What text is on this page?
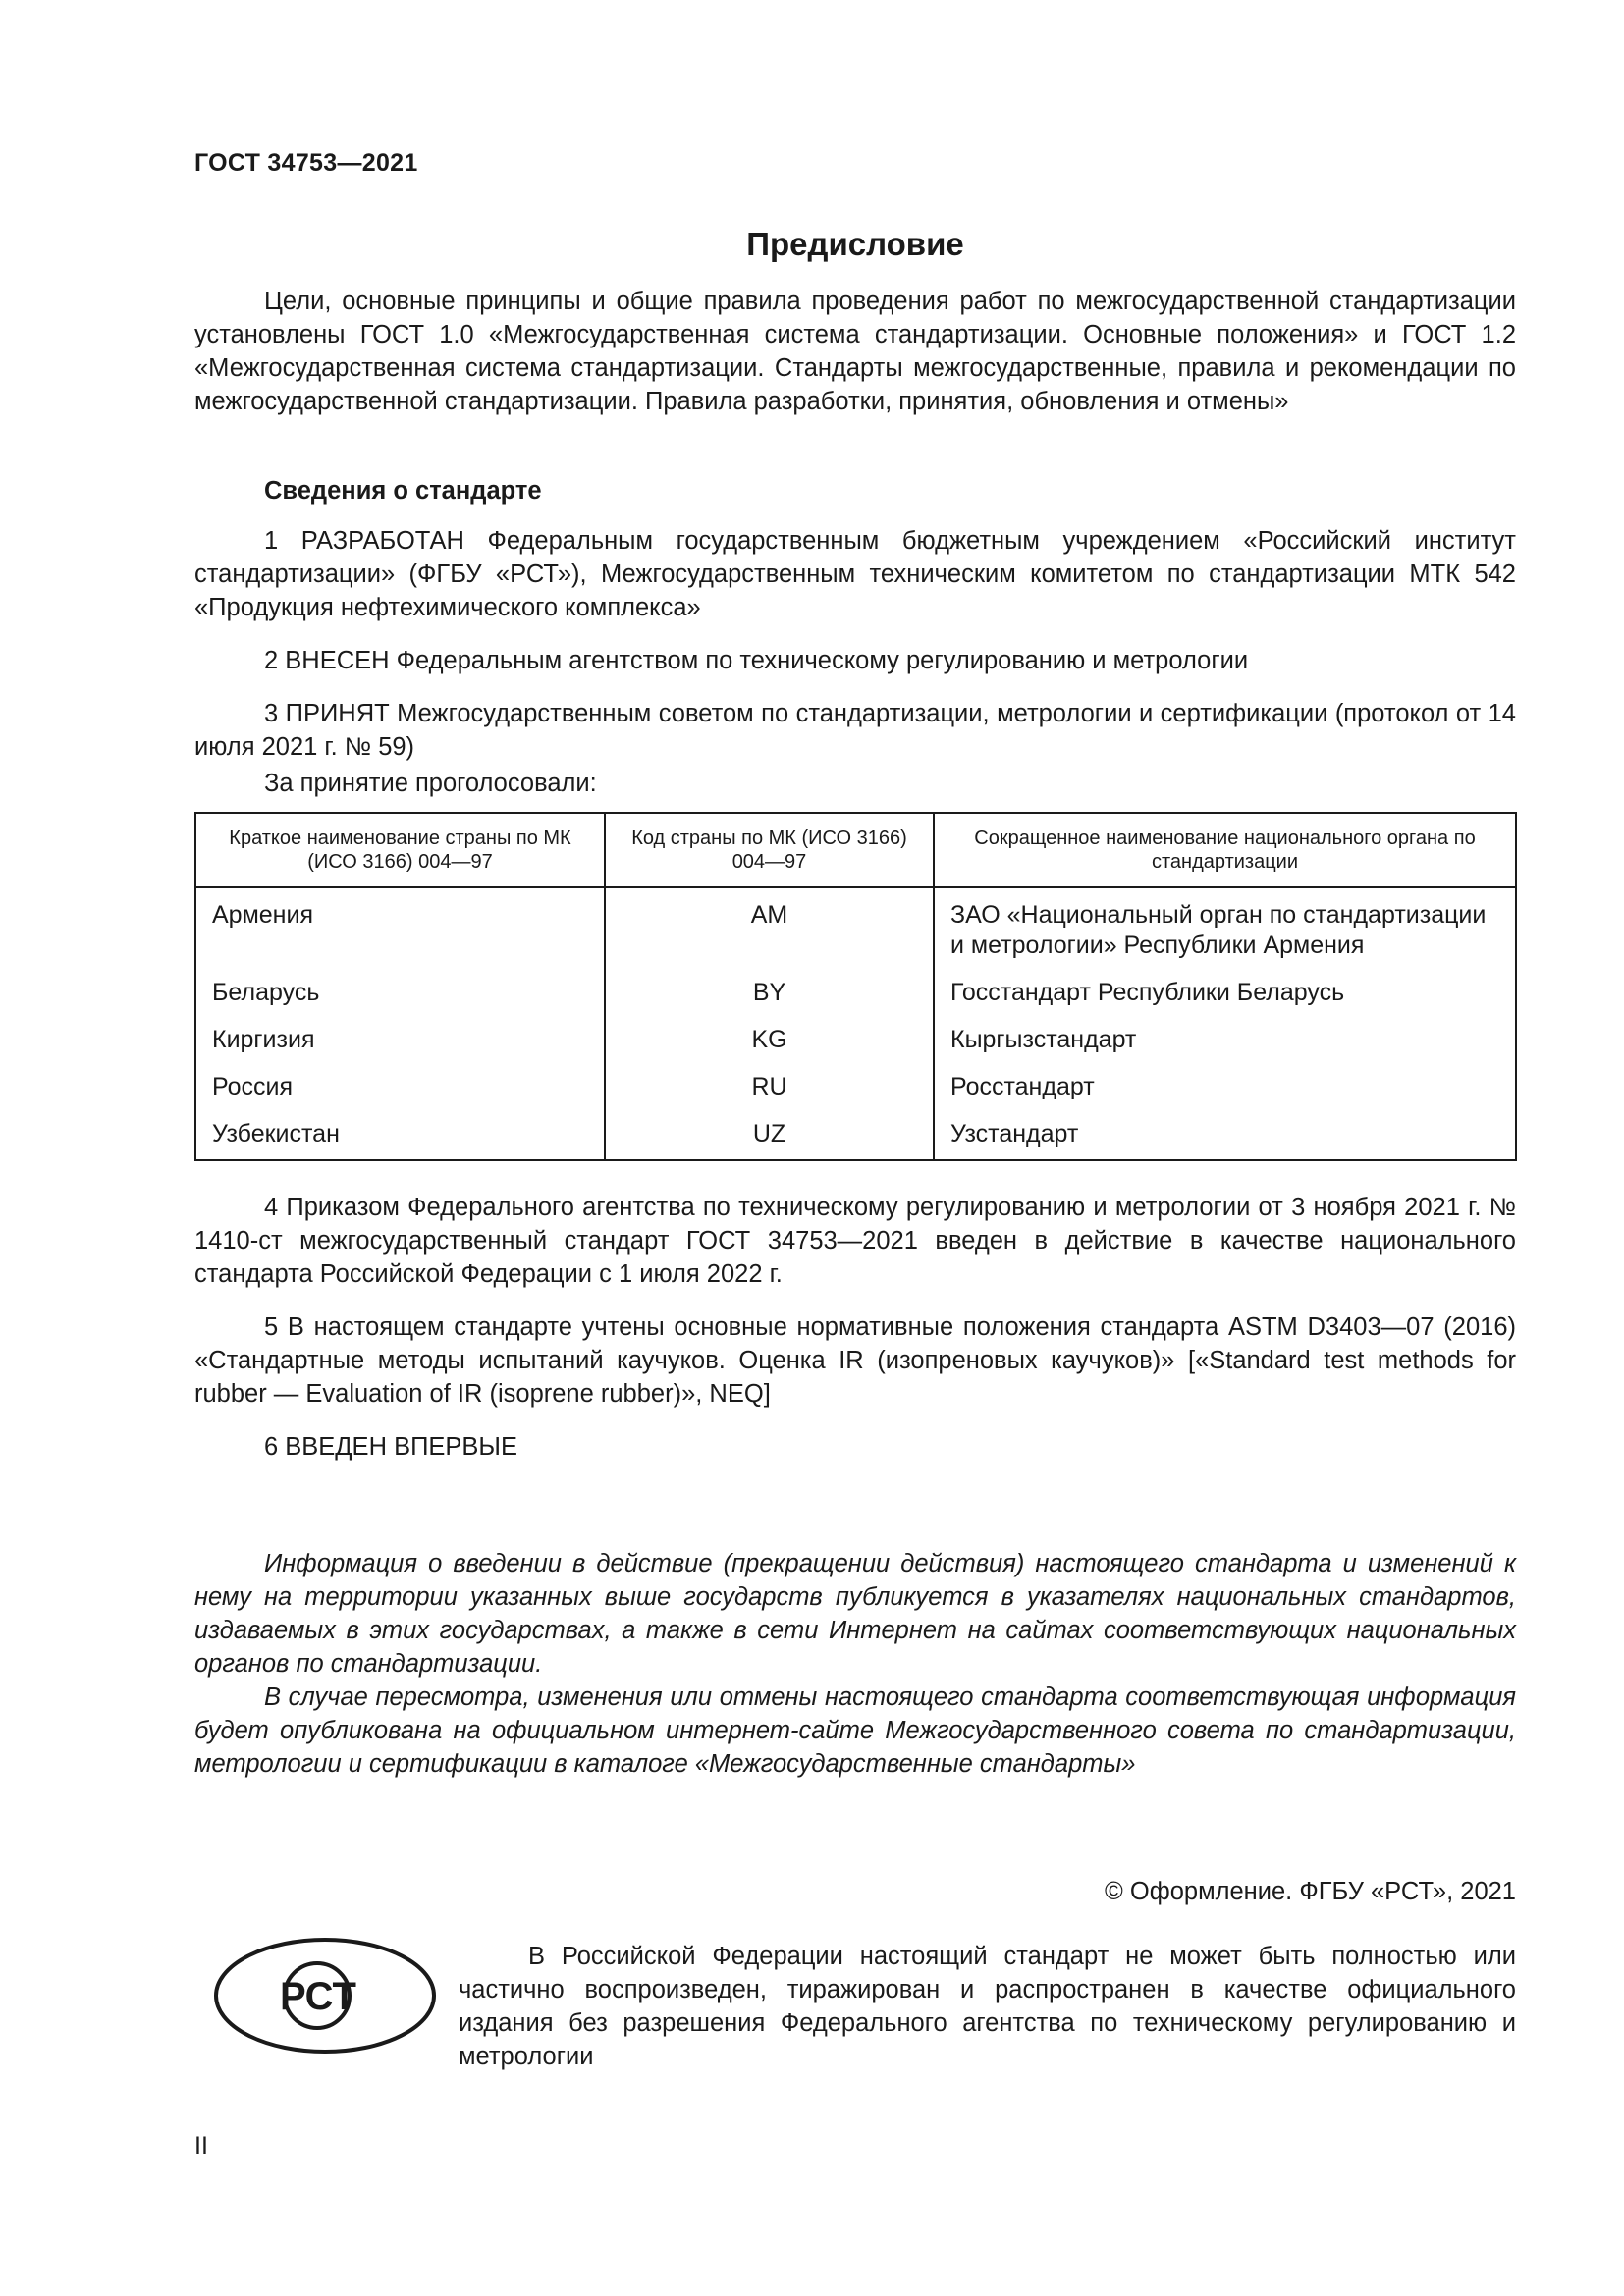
ГОСТ 34753—2021
Предисловие

Цели, основные принципы и общие правила проведения работ по межгосударственной стандартизации установлены ГОСТ 1.0 «Межгосударственная система стандартизации. Основные положения» и ГОСТ 1.2 «Межгосударственная система стандартизации. Стандарты межгосударственные, правила и рекомендации по межгосударственной стандартизации. Правила разработки, принятия, обновления и отмены»

Сведения о стандарте

1 РАЗРАБОТАН Федеральным государственным бюджетным учреждением «Российский институт стандартизации» (ФГБУ «РСТ»), Межгосударственным техническим комитетом по стандартизации МТК 542 «Продукция нефтехимического комплекса»

2 ВНЕСЕН Федеральным агентством по техническому регулированию и метрологии

3 ПРИНЯТ Межгосударственным советом по стандартизации, метрологии и сертификации (протокол от 14 июля 2021 г. № 59)

За принятие проголосовали:
Краткое наименование страны по МК (ИСО 3166) 004—97	Код страны по МК (ИСО 3166) 004—97	Сокращенное наименование национального органа по стандартизации
Армения	AM	ЗАО «Национальный орган по стандартизации и метрологии» Республики Армения
Беларусь	BY	Госстандарт Республики Беларусь
Киргизия	KG	Кыргызстандарт
Россия	RU	Росстандарт
Узбекистан	UZ	Узстандарт

4 Приказом Федерального агентства по техническому регулированию и метрологии от 3 ноября 2021 г. № 1410-ст межгосударственный стандарт ГОСТ 34753—2021 введен в действие в качестве национального стандарта Российской Федерации с 1 июля 2022 г.

5 В настоящем стандарте учтены основные нормативные положения стандарта ASTM D3403—07 (2016) «Стандартные методы испытаний каучуков. Оценка IR (изопреновых каучуков)» [«Standard test methods for rubber — Evaluation of IR (isoprene rubber)», NEQ]

6 ВВЕДЕН ВПЕРВЫЕ

Информация о введении в действие (прекращении действия) настоящего стандарта и изменений к нему на территории указанных выше государств публикуется в указателях национальных стандартов, издаваемых в этих государствах, а также в сети Интернет на сайтах соответствующих национальных органов по стандартизации.

В случае пересмотра, изменения или отмены настоящего стандарта соответствующая информация будет опубликована на официальном интернет-сайте Межгосударственного совета по стандартизации, метрологии и сертификации в каталоге «Межгосударственные стандарты»

© Оформление. ФГБУ «РСТ», 2021
РСТ

В Российской Федерации настоящий стандарт не может быть полностью или частично воспроизведен, тиражирован и распространен в качестве официального издания без разрешения Федерального агентства по техническому регулированию и метрологии

II
